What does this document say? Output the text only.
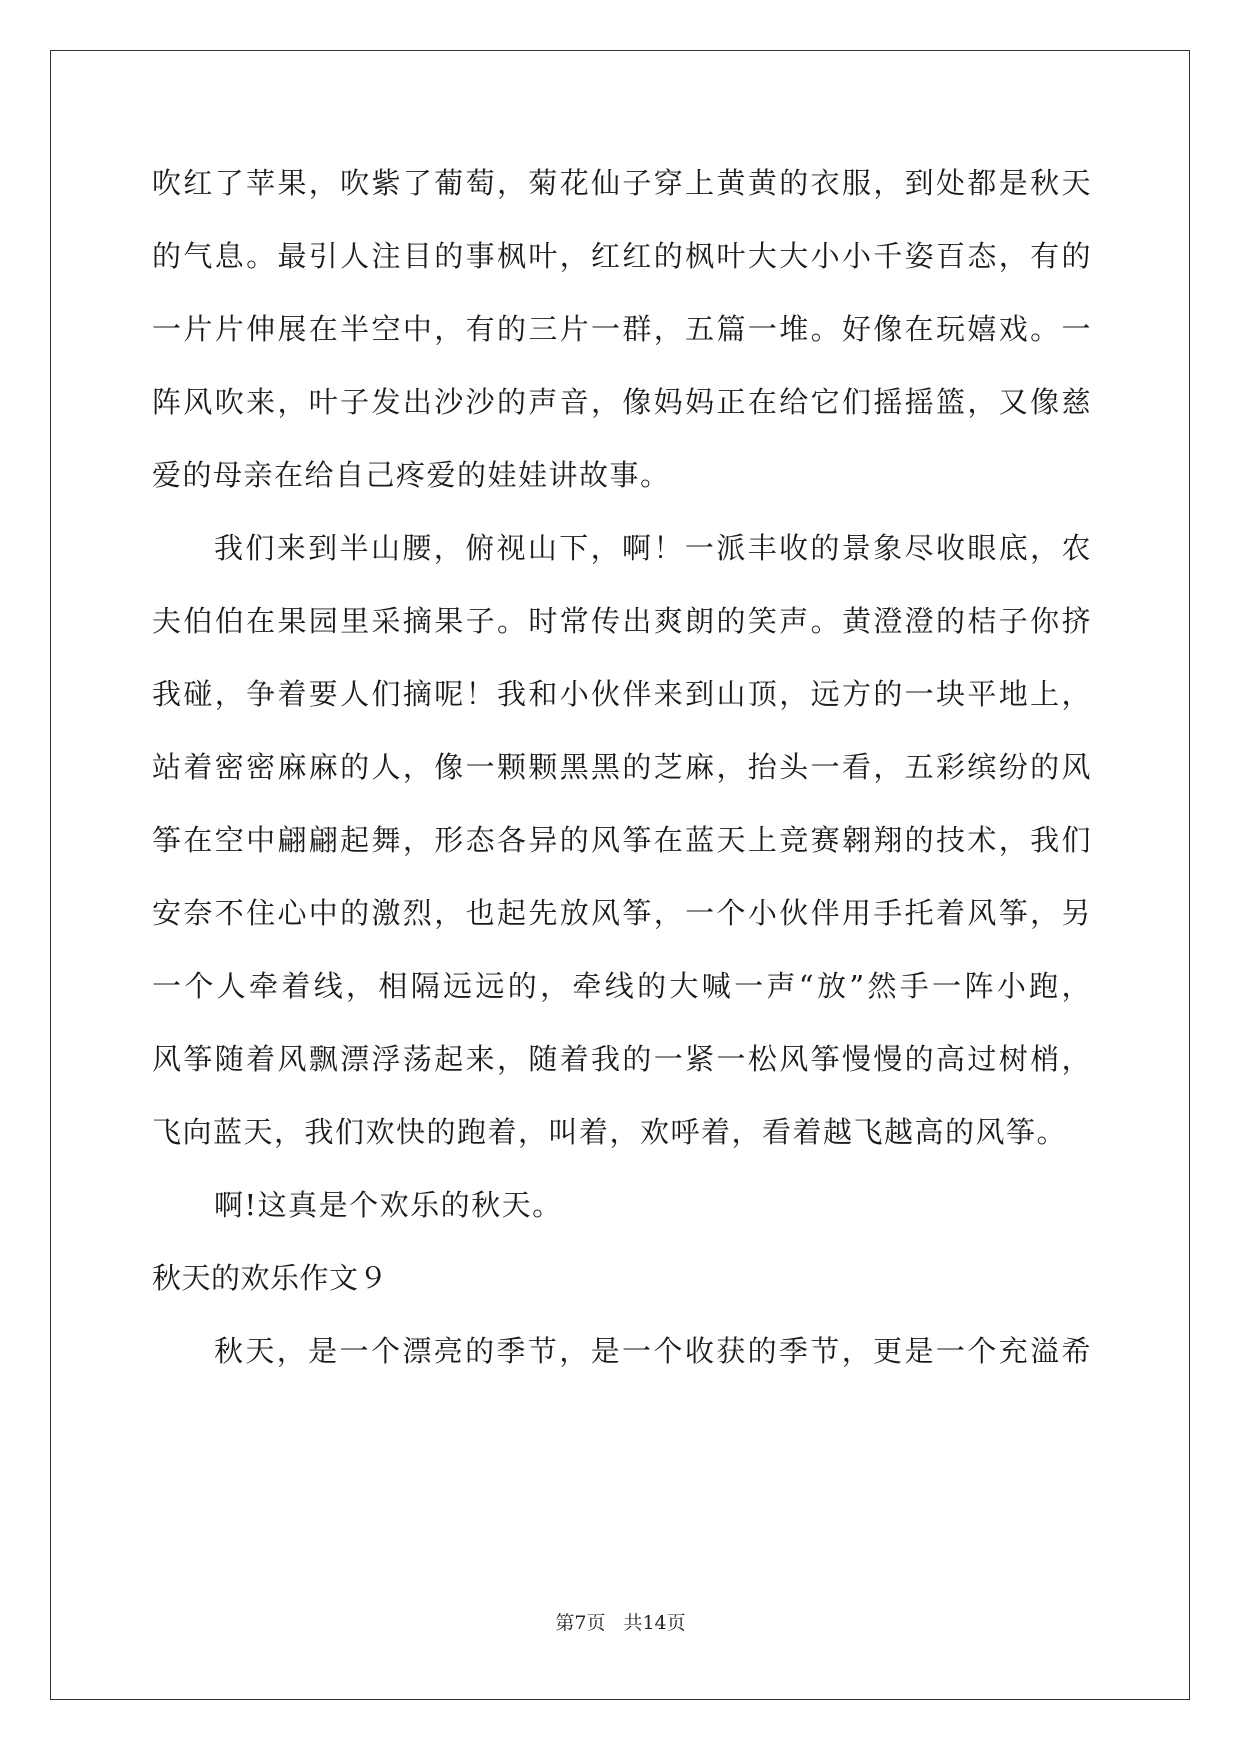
吹红了苹果，吹紫了葡萄，菊花仙子穿上黄黄的衣服，到处都是秋天
的气息。最引人注目的事枫叶，红红的枫叶大大小小千姿百态，有的
一片片伸展在半空中，有的三片一群，五篇一堆。好像在玩嬉戏。一
阵风吹来，叶子发出沙沙的声音，像妈妈正在给它们摇摇篮，又像慈
爱的母亲在给自己疼爱的娃娃讲故事。
我们来到半山腰，俯视山下，啊！一派丰收的景象尽收眼底，农
夫伯伯在果园里采摘果子。时常传出爽朗的笑声。黄澄澄的桔子你挤
我碰，争着要人们摘呢！我和小伙伴来到山顶，远方的一块平地上，
站着密密麻麻的人，像一颗颗黑黑的芝麻，抬头一看，五彩缤纷的风
筝在空中翩翩起舞，形态各异的风筝在蓝天上竞赛翱翔的技术，我们
安奈不住心中的激烈，也起先放风筝，一个小伙伴用手托着风筝，另
一个人牵着线，相隔远远的，牵线的大喊一声“放”然手一阵小跑，
风筝随着风飘漂浮荡起来，随着我的一紧一松风筝慢慢的高过树梢，
飞向蓝天，我们欢快的跑着，叫着，欢呼着，看着越飞越高的风筝。
啊!这真是个欢乐的秋天。
秋天的欢乐作文９
秋天，是一个漂亮的季节，是一个收获的季节，更是一个充溢希
第7页 共14页
